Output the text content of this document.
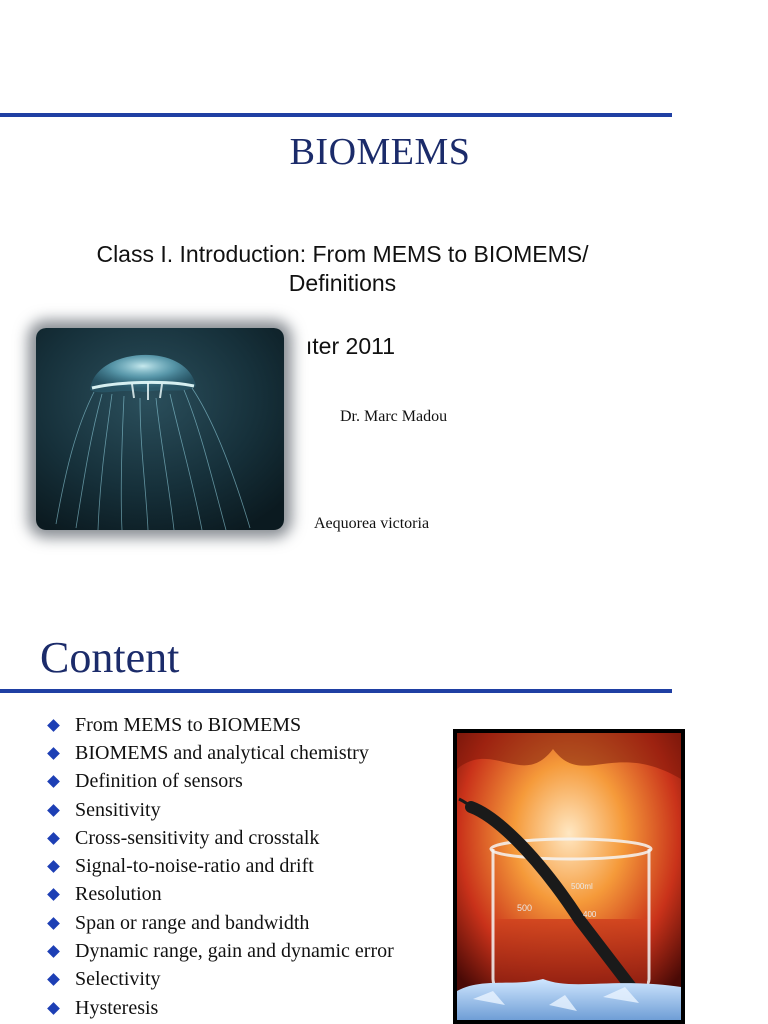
BIOMEMS
Class I. Introduction: From MEMS to BIOMEMS/ Definitions
ıter 2011
Dr. Marc Madou
Aequorea victoria
Content
From MEMS to BIOMEMS
BIOMEMS and analytical chemistry
Definition of sensors
Sensitivity
Cross-sensitivity and crosstalk
Signal-to-noise-ratio and drift
Resolution
Span or range and bandwidth
Dynamic range, gain and dynamic error
Selectivity
Hysteresis
500ml
500
400
